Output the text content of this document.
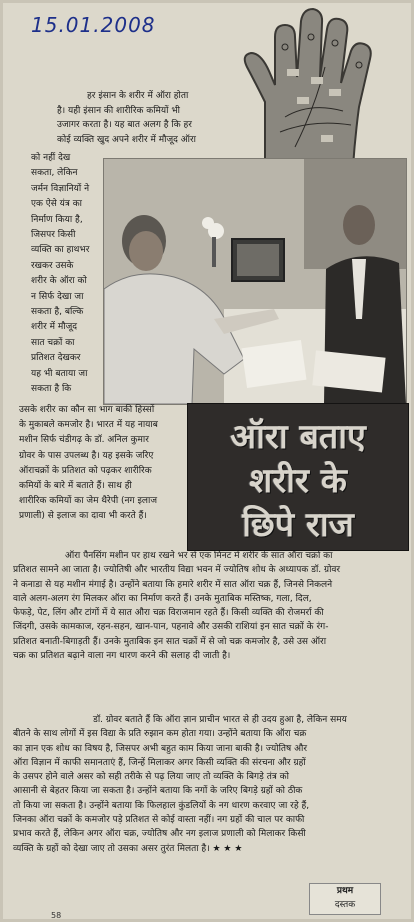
15.01.2008
हर इंसान के शरीर में ऑरा होता
है। यही इंसान की शारीरिक कमियों भी
उजागर करता है। यह बात अलग है कि हर
कोई व्यक्ति खुद अपने शरीर में मौजूद ऑरा
को नहीं देख
सकता, लेकिन
जर्मन विज्ञानियों ने
एक ऐसे यंत्र का
निर्माण किया है,
जिसपर किसी
व्यक्ति का हाथभर
रखकर उसके
शरीर के ऑरा को
न सिर्फ देखा जा
सकता है, बल्कि
शरीर में मौजूद
सात चक्रों का
प्रतिशत देखकर
यह भी बताया जा
सकता है कि
उसके शरीर का कौन सा भाग बाकी हिस्सों
के मुकाबले कमजोर है। भारत में यह नायाब
मशीन सिर्फ चंडीगढ़ के डॉ. अनिल कुमार
ग्रोवर के पास उपलब्ध है। यह इसके जरिए
ऑराचक्रों के प्रतिशत को पढ़कर शारीरिक
कमियों के बारे में बताते हैं। साथ ही
शारीरिक कमियों का जेम थैरेपी (नग इलाज
प्रणाली) से इलाज का दावा भी करते हैं।
ऑरा बताए
शरीर के
छिपे राज
ऑरा पैनसिंग मशीन पर हाथ रखने भर से एक मिनट में शरीर के सात ऑरा चक्रों का
प्रतिशत सामने आ जाता है। ज्योतिषी और भारतीय विद्या भवन में ज्योतिष शोध के अध्यापक डॉ. ग्रोवर
ने कनाडा से यह मशीन मंगाई है। उन्होंने बताया कि हमारे शरीर में सात ऑरा चक्र हैं, जिनसे निकलने
वाले अलग-अलग रंग मिलकर ऑरा का निर्माण करते हैं। उनके मुताबिक मस्तिष्क, गला, दिल,
फेफड़े, पेट, लिंग और टांगों में ये सात औरा चक्र विराजमान रहते हैं। किसी व्यक्ति की रोजमर्रा की
जिंदगी, उसके कामकाज, रहन-सहन, खान-पान, पहनावे और उसकी राशियां इन सात चक्रों के रंग-
प्रतिशत बनाती-बिगाड़ती हैं। उनके मुताबिक इन सात चक्रों में से जो चक्र कमजोर है, उसे उस ऑरा
चक्र का प्रतिशत बढ़ाने वाला नग धारण करने की सलाह दी जाती है।
डॉ. ग्रोवर बताते हैं कि ऑरा ज्ञान प्राचीन भारत से ही उदय हुआ है, लेकिन समय
बीतने के साथ लोगों में इस विद्या के प्रति रुझान कम होता गया। उन्होंने बताया कि ऑरा चक्र
का ज्ञान एक शोध का विषय है, जिसपर अभी बहुत काम किया जाना बाकी है। ज्योतिष और
ऑरा विज्ञान में काफी समानताएं हैं, जिन्हें मिलाकर अगर किसी व्यक्ति की संरचना और ग्रहों
के उसपर होने वाले असर को सही तरीके से पढ़ लिया जाए तो व्यक्ति के बिगड़े तंत्र को
आसानी से बेहतर किया जा सकता है। उन्होंने बताया कि नगों के जरिए बिगड़े ग्रहों को ठीक
तो किया जा सकता है। उन्होंने बताया कि फिलहाल कुंडलियों के नग धारण करवाए जा रहे हैं,
जिनका ऑरा चक्रों के कमजोर पड़े प्रतिशत से कोई वास्ता नहीं। नग ग्रहों की चाल पर काफी
प्रभाव करते हैं, लेकिन अगर ऑरा चक्र, ज्योतिष और नग इलाज प्रणाली को मिलाकर किसी
व्यक्ति के ग्रहों को देखा जाए तो उसका असर तुरंत मिलता है। ★ ★ ★
प्रथम
दस्तक
58
